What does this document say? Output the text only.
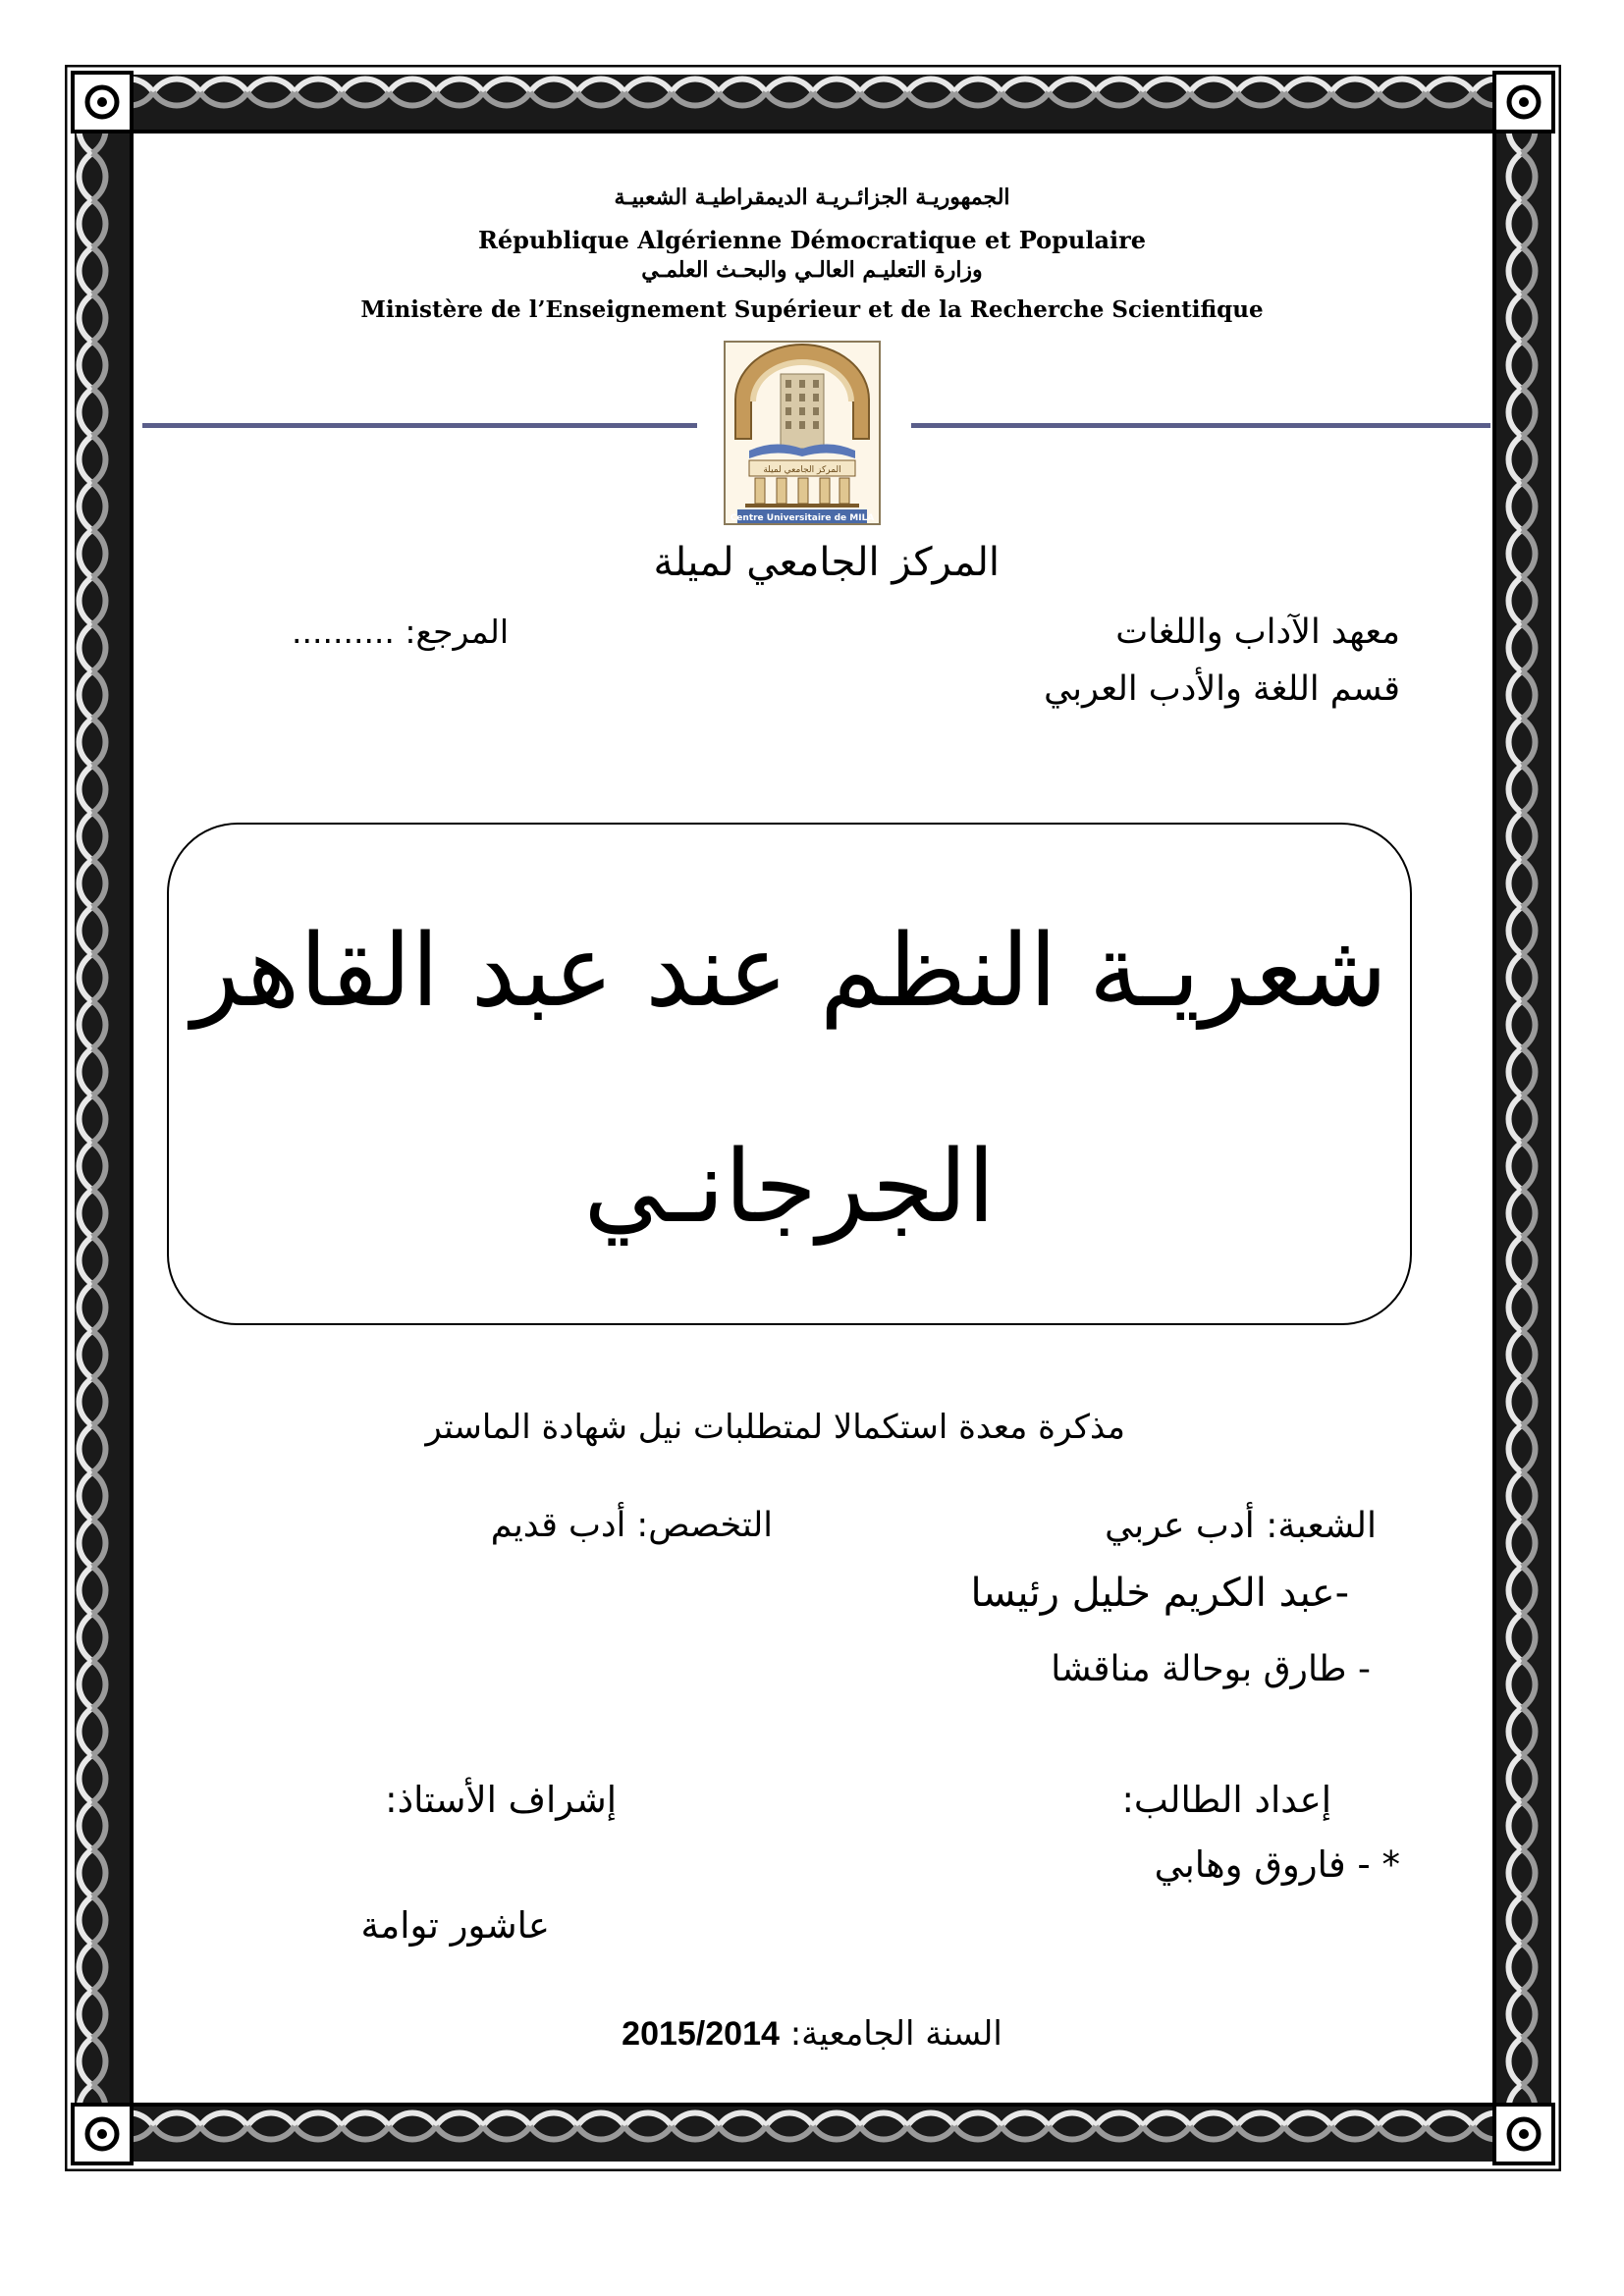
الجمهوريـة الجزائـريـة الديمقراطيـة الشعبيـة
République Algérienne Démocratique et Populaire
وزارة التعليـم العالـي والبحـث العلمـي
Ministère de l’Enseignement Supérieur et de la Recherche Scientifique
المركز الجامعي لميلة
Centre Universitaire de MILA
المركز الجامعي لميلة
معهد الآداب واللغات
المرجع: ..........
قسم اللغة والأدب العربي
شعريـة النظم عند عبد القاهر
الجرجانـي
مذكرة معدة استكمالا لمتطلبات نيل شهادة الماستر
الشعبة: أدب عربي
التخصص: أدب قديم
-عبد الكريم خليل رئيسا
- طارق بوحالة مناقشا
إعداد الطالب:
إشراف الأستاذ:
* - فاروق وهابي
عاشور توامة
السنة الجامعية: 2015/2014
